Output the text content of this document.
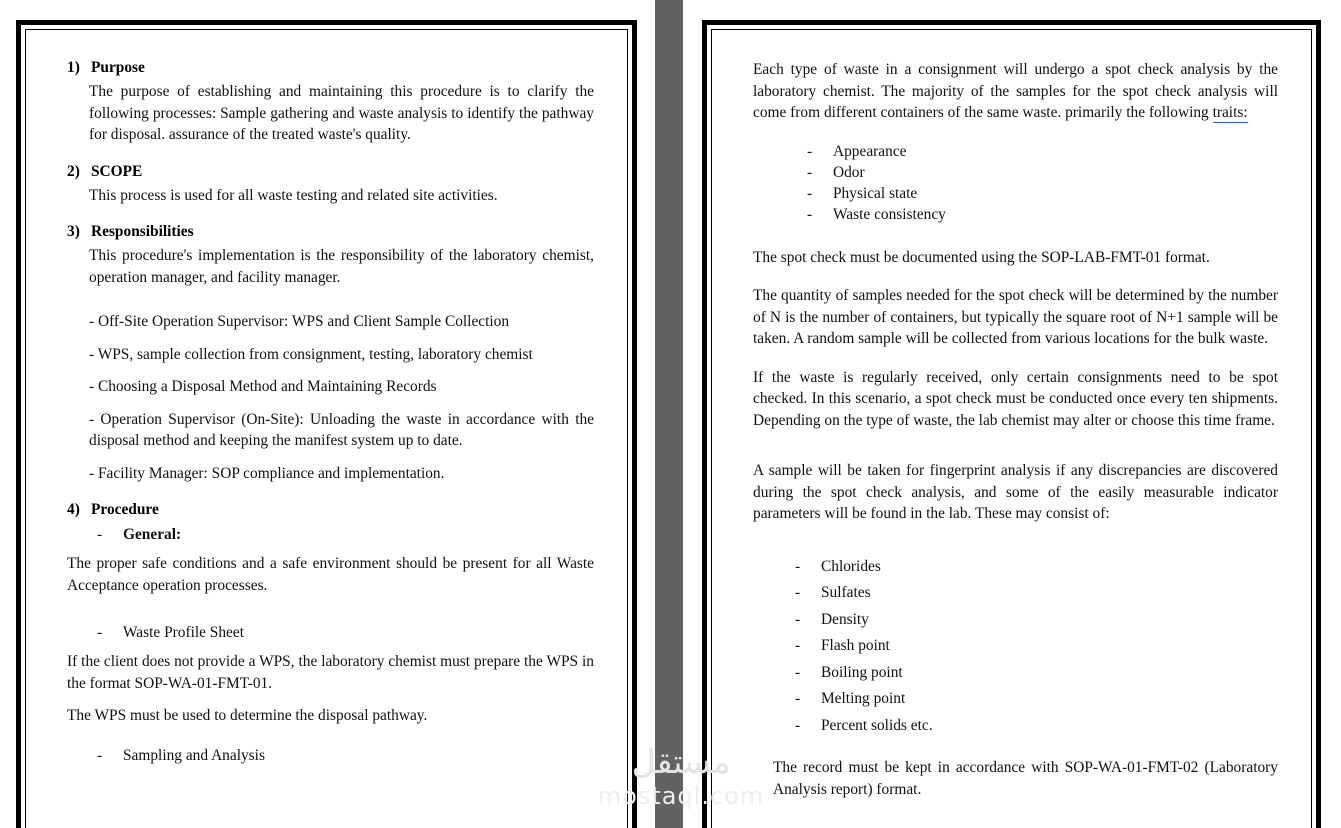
1) Purpose

The purpose of establishing and maintaining this procedure is to clarify the following processes: Sample gathering and waste analysis to identify the pathway for disposal. assurance of the treated waste's quality.

2) SCOPE

This process is used for all waste testing and related site activities.

3) Responsibilities

This procedure's implementation is the responsibility of the laboratory chemist, operation manager, and facility manager.

- Off-Site Operation Supervisor: WPS and Client Sample Collection

- WPS, sample collection from consignment, testing, laboratory chemist

- Choosing a Disposal Method and Maintaining Records

- Operation Supervisor (On-Site): Unloading the waste in accordance with the disposal method and keeping the manifest system up to date.

- Facility Manager: SOP compliance and implementation.

4) Procedure
-	General:

The proper safe conditions and a safe environment should be present for all Waste Acceptance operation processes.

-	Waste Profile Sheet

If the client does not provide a WPS, the laboratory chemist must prepare the WPS in the format SOP-WA-01-FMT-01.

The WPS must be used to determine the disposal pathway.

-	Sampling and Analysis

Each type of waste in a consignment will undergo a spot check analysis by the laboratory chemist. The majority of the samples for the spot check analysis will come from different containers of the same waste. primarily the following traits:

-	Appearance
-	Odor
-	Physical state
-	Waste consistency

The spot check must be documented using the SOP-LAB-FMT-01 format.

The quantity of samples needed for the spot check will be determined by the number of N is the number of containers, but typically the square root of N+1 sample will be taken. A random sample will be collected from various locations for the bulk waste.

If the waste is regularly received, only certain consignments need to be spot checked. In this scenario, a spot check must be conducted once every ten shipments. Depending on the type of waste, the lab chemist may alter or choose this time frame.

A sample will be taken for fingerprint analysis if any discrepancies are discovered during the spot check analysis, and some of the easily measurable indicator parameters will be found in the lab. These may consist of:

-	Chlorides
-	Sulfates
-	Density
-	Flash point
-	Boiling point
-	Melting point
-	Percent solids etc.

The record must be kept in accordance with SOP-WA-01-FMT-02 (Laboratory Analysis report) format.

مستقل
mostaql.com
